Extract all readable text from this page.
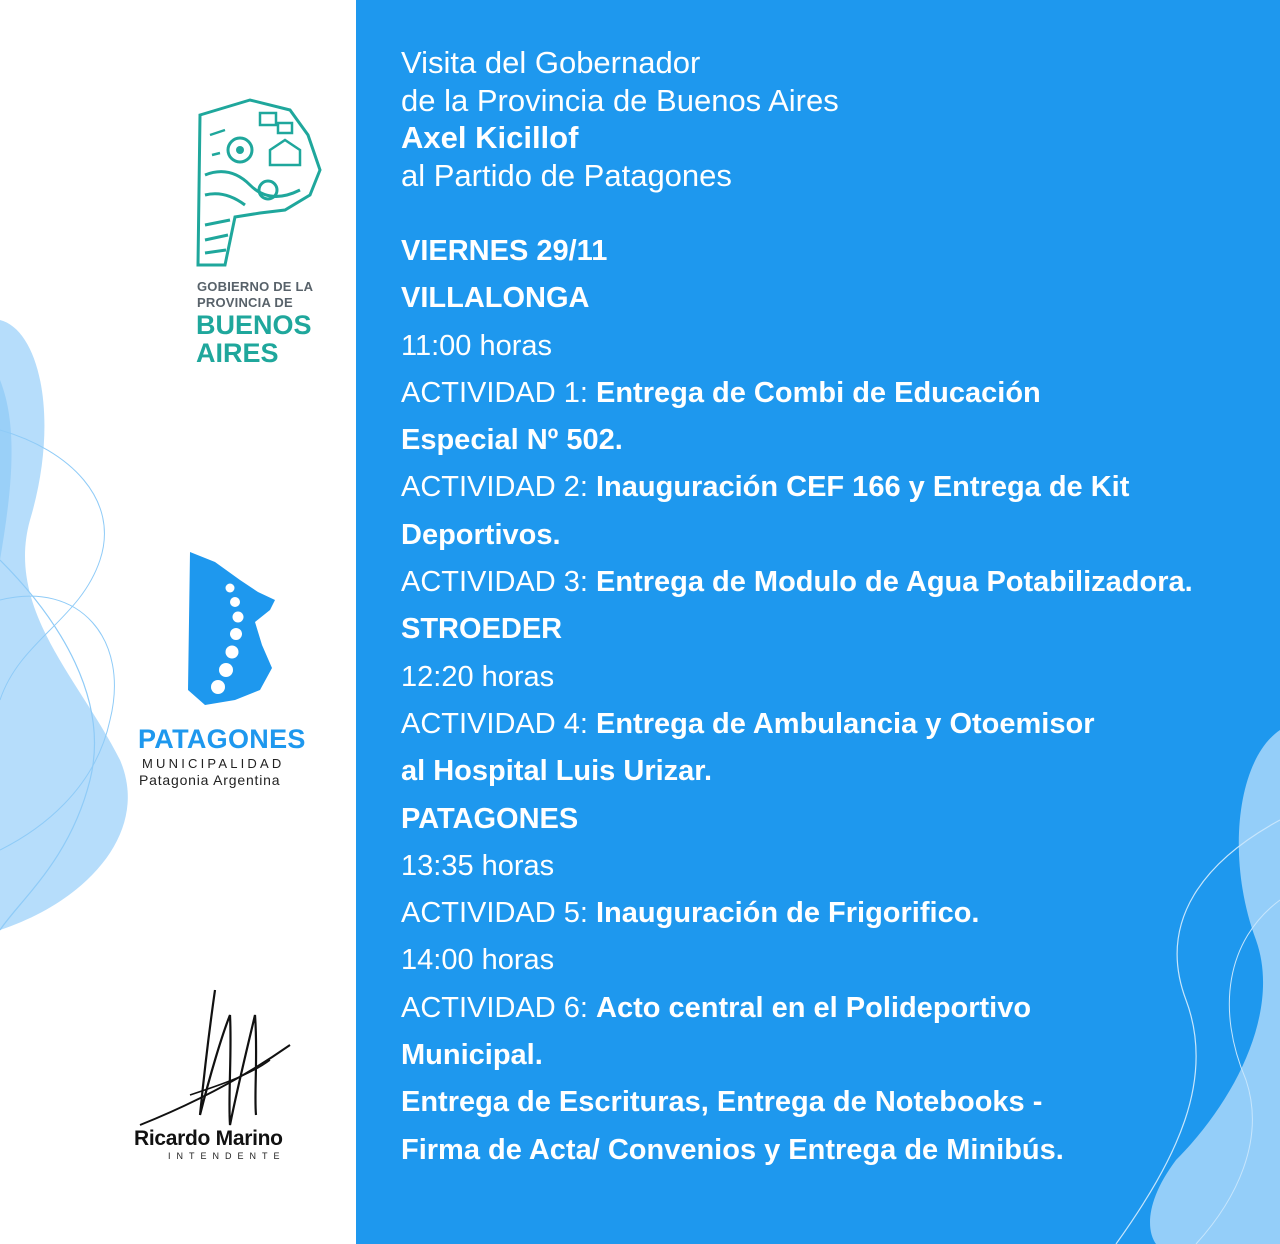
GOBIERNO DE LA
PROVINCIA DE
BUENOS
AIRES
PATAGONES
MUNICIPALIDAD
Patagonia Argentina
Ricardo Marino
INTENDENTE
Visita del Gobernador
de la Provincia de Buenos Aires
Axel Kicillof
al Partido de Patagones
VIERNES 29/11
VILLALONGA
11:00 horas
ACTIVIDAD 1: Entrega de Combi de Educación
Especial Nº 502.
ACTIVIDAD 2: Inauguración CEF 166 y Entrega de Kit
Deportivos.
ACTIVIDAD 3: Entrega de Modulo de Agua Potabilizadora.
STROEDER
12:20 horas
ACTIVIDAD 4: Entrega de Ambulancia y Otoemisor
al Hospital Luis Urizar.
PATAGONES
13:35 horas
ACTIVIDAD 5: Inauguración de Frigorifico.
14:00 horas
ACTIVIDAD 6: Acto central en el Polideportivo
Municipal.
Entrega de Escrituras, Entrega de Notebooks -
Firma de Acta/ Convenios y Entrega de Minibús.
